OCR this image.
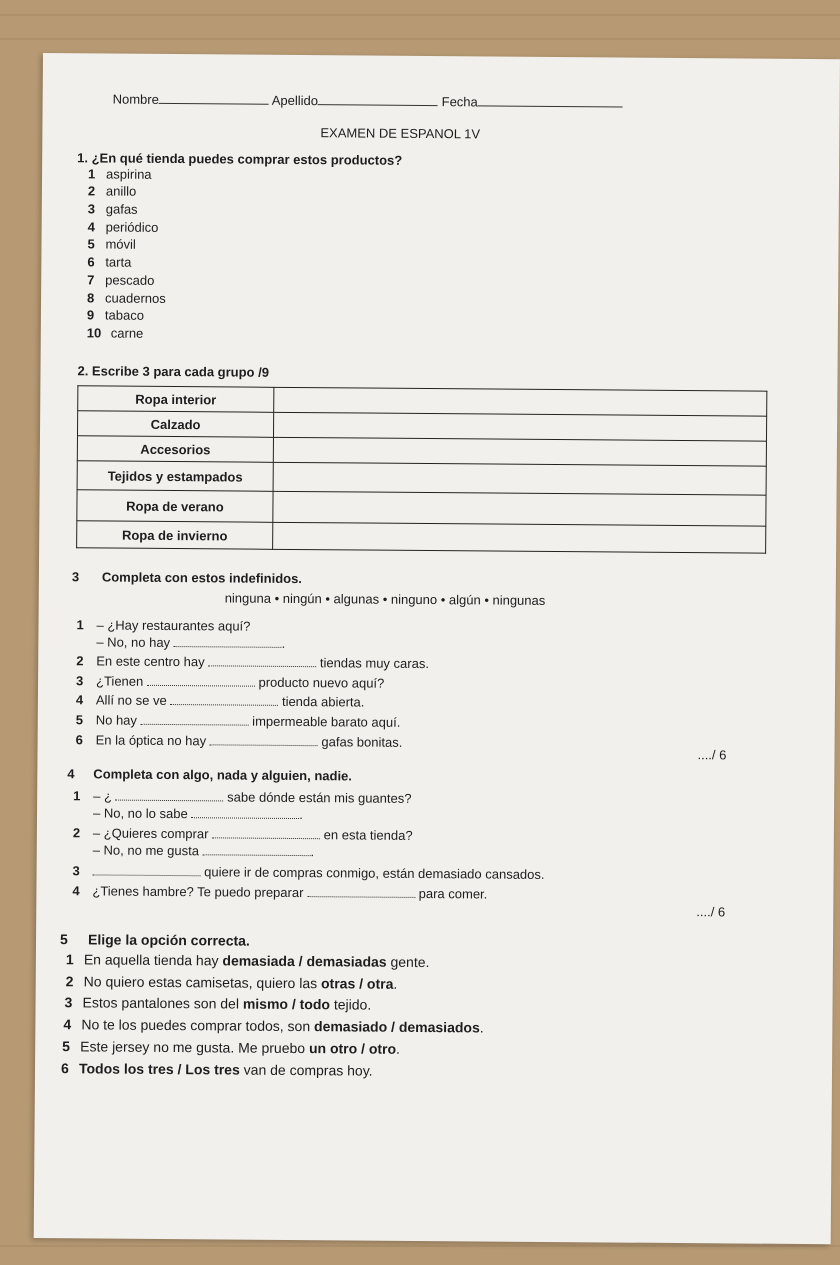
Nombre	Apellido	Fecha
EXAMEN DE ESPANOL 1V
1. ¿En qué tienda puedes comprar estos productos?
1 aspirina
2 anillo
3 gafas
4 periódico
5 móvil
6 tarta
7 pescado
8 cuadernos
9 tabaco
10 carne
2. Escribe 3 para cada grupo /9
Ropa interior	
Calzado	
Accesorios	
Tejidos y estampados	
Ropa de verano	
Ropa de invierno	
3 Completa con estos indefinidos.
ninguna • ningún • algunas • ninguno • algún • ningunas
1 – ¿Hay restaurantes aquí?
– No, no hay	.
2 En este centro hay	tiendas muy caras.
3 ¿Tienen	producto nuevo aquí?
4 Allí no se ve	tienda abierta.
5 No hay	impermeable barato aquí.
6 En la óptica no hay	gafas bonitas.
..../ 6
4 Completa con algo, nada y alguien, nadie.
1 – ¿	sabe dónde están mis guantes?
– No, no lo sabe	.
2 – ¿Quieres comprar	en esta tienda?
– No, no me gusta	.
3	quiere ir de compras conmigo, están demasiado cansados.
4 ¿Tienes hambre? Te puedo preparar	para comer.
..../ 6
5 Elige la opción correcta.
1 En aquella tienda hay demasiada / demasiadas gente.
2 No quiero estas camisetas, quiero las otras / otra.
3 Estos pantalones son del mismo / todo tejido.
4 No te los puedes comprar todos, son demasiado / demasiados.
5 Este jersey no me gusta. Me pruebo un otro / otro.
6 Todos los tres / Los tres van de compras hoy.
